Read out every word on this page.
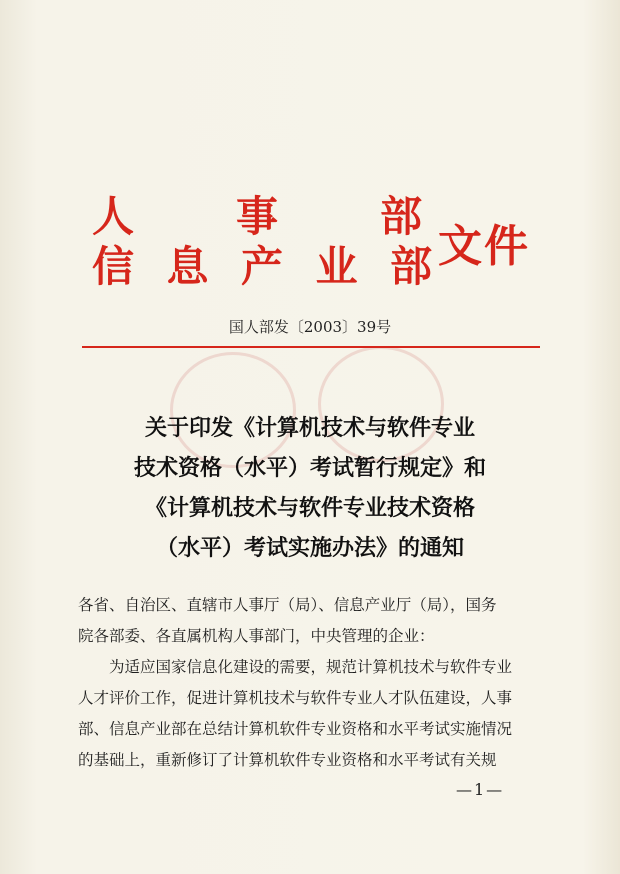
人 事 部
信 息 产 业 部 文件
国人部发〔2003〕39号
关于印发《计算机技术与软件专业
技术资格（水平）考试暂行规定》和
《计算机技术与软件专业技术资格
（水平）考试实施办法》的通知

各省、自治区、直辖市人事厅（局）、信息产业厅（局），国务

院各部委、各直属机构人事部门，中央管理的企业：

为适应国家信息化建设的需要，规范计算机技术与软件专业

人才评价工作，促进计算机技术与软件专业人才队伍建设，人事

部、信息产业部在总结计算机软件专业资格和水平考试实施情况

的基础上，重新修订了计算机软件专业资格和水平考试有关规

—1—
